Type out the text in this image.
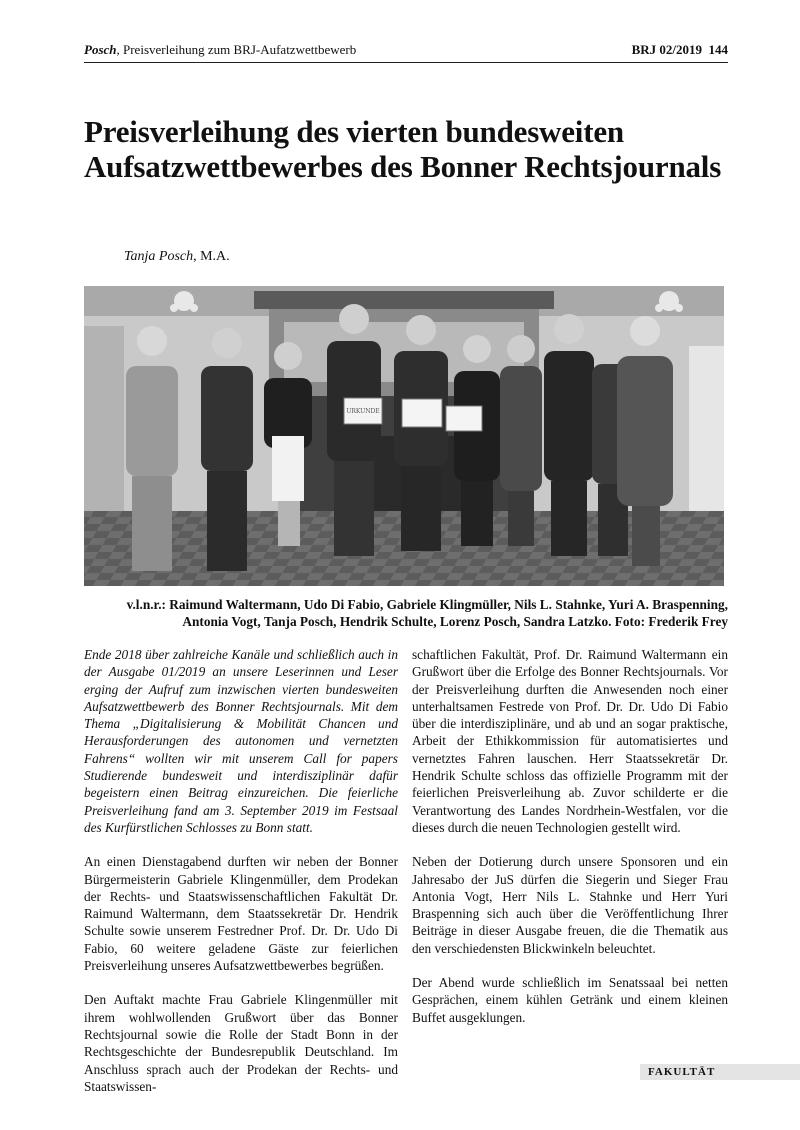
Posch, Preisverleihung zum BRJ-Aufatzwettbewerb	BRJ 02/2019 144
Preisverleihung des vierten bundesweiten Aufsatzwettbewerbes des Bonner Rechtsjournals
Tanja Posch, M.A.
URKUNDE
v.l.n.r.: Raimund Waltermann, Udo Di Fabio, Gabriele Klingmüller, Nils L. Stahnke, Yuri A. Braspenning, Antonia Vogt, Tanja Posch, Hendrik Schulte, Lorenz Posch, Sandra Latzko. Foto: Frederik Frey

Ende 2018 über zahlreiche Kanäle und schließlich auch in der Ausgabe 01/2019 an unsere Leserinnen und Leser erging der Aufruf zum inzwischen vierten bundesweiten Aufsatzwettbewerb des Bonner Rechtsjournals. Mit dem Thema „Digitalisierung & Mobilität Chancen und Herausforderungen des autonomen und vernetzten Fahrens“ wollten wir mit unserem Call for papers Studierende bundesweit und interdisziplinär dafür begeistern einen Beitrag einzureichen. Die feierliche Preisverleihung fand am 3. September 2019 im Festsaal des Kurfürstlichen Schlosses zu Bonn statt.

An einen Dienstagabend durften wir neben der Bonner Bürgermeisterin Gabriele Klingenmüller, dem Prodekan der Rechts- und Staatswissenschaftlichen Fakultät Dr. Raimund Waltermann, dem Staatssekretär Dr. Hendrik Schulte sowie unserem Festredner Prof. Dr. Dr. Udo Di Fabio, 60 weitere geladene Gäste zur feierlichen Preisverleihung unseres Aufsatzwettbewerbes begrüßen.

Den Auftakt machte Frau Gabriele Klingenmüller mit ihrem wohlwollenden Grußwort über das Bonner Rechtsjournal sowie die Rolle der Stadt Bonn in der Rechtsgeschichte der Bundesrepublik Deutschland. Im Anschluss sprach auch der Prodekan der Rechts- und Staatswissen-

schaftlichen Fakultät, Prof. Dr. Raimund Waltermann ein Grußwort über die Erfolge des Bonner Rechtsjournals. Vor der Preisverleihung durften die Anwesenden noch einer unterhaltsamen Festrede von Prof. Dr. Dr. Udo Di Fabio über die interdisziplinäre, und ab und an sogar praktische, Arbeit der Ethikkommission für automatisiertes und vernetztes Fahren lauschen. Herr Staatssekretär Dr. Hendrik Schulte schloss das offizielle Programm mit der feierlichen Preisverleihung ab. Zuvor schilderte er die Verantwortung des Landes Nordrhein-Westfalen, vor die dieses durch die neuen Technologien gestellt wird.

Neben der Dotierung durch unsere Sponsoren und ein Jahresabo der JuS dürfen die Siegerin und Sieger Frau Antonia Vogt, Herr Nils L. Stahnke und Herr Yuri Braspenning sich auch über die Veröffentlichung Ihrer Beiträge in dieser Ausgabe freuen, die die Thematik aus den verschiedensten Blickwinkeln beleuchtet.

Der Abend wurde schließlich im Senatssaal bei netten Gesprächen, einem kühlen Getränk und einem kleinen Buffet ausgeklungen.

FAKULTÄT
